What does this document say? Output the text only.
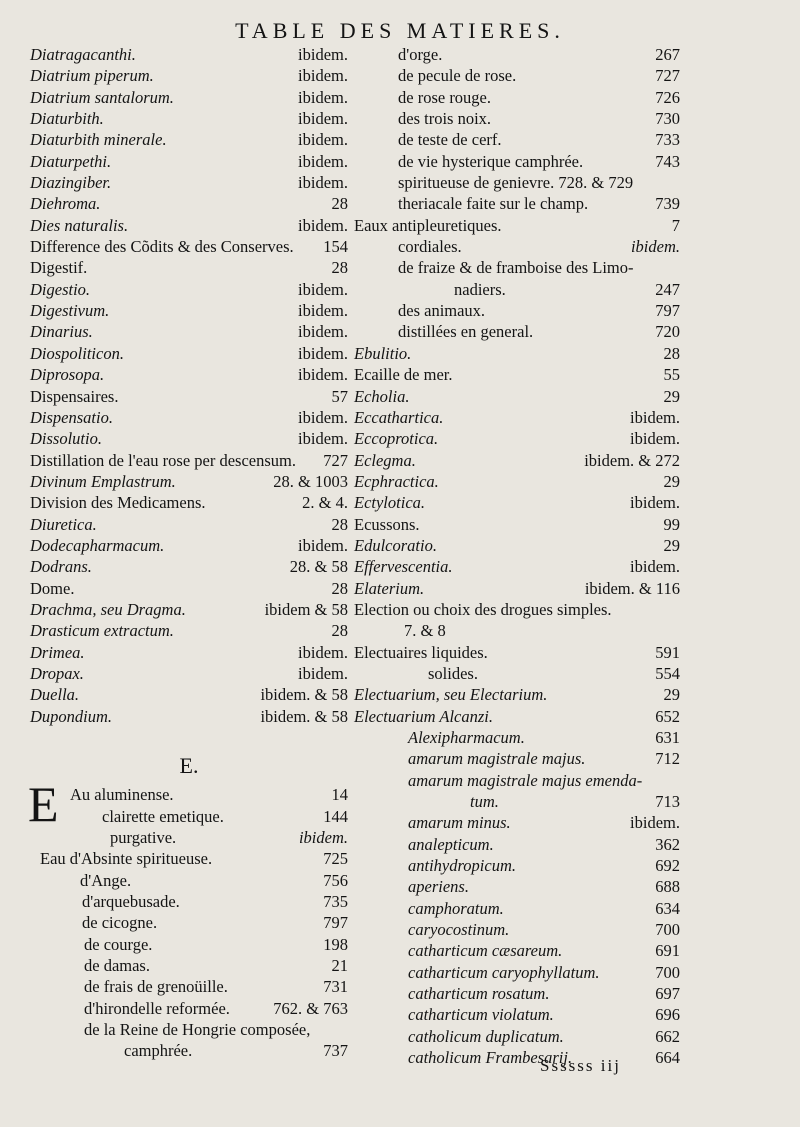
TABLE DES MATIERES.
Diatragacanthi.	ibidem.
Diatrium piperum.	ibidem.
Diatrium santalorum.	ibidem.
Diaturbith.	ibidem.
Diaturbith minerale.	ibidem.
Diaturpethi.	ibidem.
Diazingiber.	ibidem.
Diehroma.	28
Dies naturalis.	ibidem.
Difference des Cõdits & des Conserves. 154
Digestif.	28
Digestio.	ibidem.
Digestivum.	ibidem.
Dinarius.	ibidem.
Diospoliticon.	ibidem.
Diprosopa.	ibidem.
Dispensaires.	57
Dispensatio.	ibidem.
Dissolutio.	ibidem.
Distillation de l'eau rose per descensum. 727
Divinum Emplastrum.	28. & 1003
Division des Medicamens.	2. & 4.
Diuretica.	28
Dodecapharmacum.	ibidem.
Dodrans.	28. & 58
Dome.	28
Drachma, seu Dragma.	ibidem & 58
Drasticum extractum.	28
Drimea.	ibidem.
Dropax.	ibidem.
Duella.	ibidem. & 58
Dupondium.	ibidem. & 58
E.
E Au aluminense.	14
clairette emetique.	144
purgative.	ibidem.
Eau d'Absinte spiritueuse.	725
d'Ange.	756
d'arquebusade.	735
de cicogne.	797
de courge.	198
de damas.	21
de frais de grenoüille.	731
d'hirondelle reformée.	762. & 763
de la Reine de Hongrie composée,
camphrée.	737
d'orge.	267
de pecule de rose.	727
de rose rouge.	726
des trois noix.	730
de teste de cerf.	733
de vie hysterique camphrée.	743
spiritueuse de genievre. 728. & 729
theriacale faite sur le champ.	739
Eaux antipleuretiques.	7
cordiales.	ibidem.
de fraize & de framboise des Limo-
nadiers.	247
des animaux.	797
distillées en general.	720
Ebulitio.	28
Ecaille de mer.	55
Echolia.	29
Eccathartica.	ibidem.
Eccoprotica.	ibidem.
Eclegma.	ibidem. & 272
Ecphractica.	29
Ectylotica.	ibidem.
Ecussons.	99
Edulcoratio.	29
Effervescentia.	ibidem.
Elaterium.	ibidem. & 116
Election ou choix des drogues simples.
7. & 8
Electuaires liquides.	591
solides.	554
Electuarium, seu Electarium.	29
Electuarium Alcanzi.	652
Alexipharmacum.	631
amarum magistrale majus.	712
amarum magistrale majus emenda-
tum.	713
amarum minus.	ibidem.
analepticum.	362
antihydropicum.	692
aperiens.	688
camphoratum.	634
caryocostinum.	700
catharticum cæsareum.	691
catharticum caryophyllatum.	700
catharticum rosatum.	697
catharticum violatum.	696
catholicum duplicatum.	662
catholicum Frambesarij.	664
Ssssss iij
